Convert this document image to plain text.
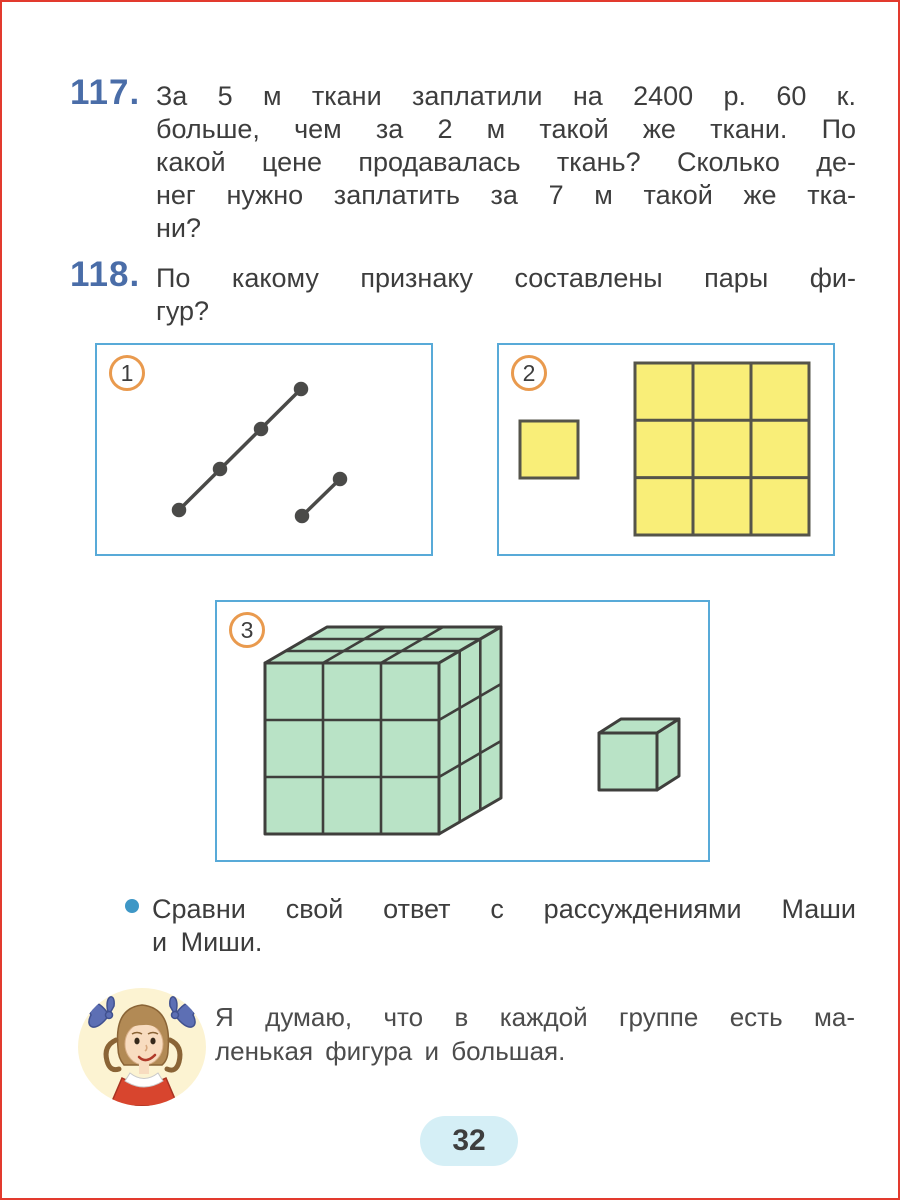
117. За 5 м ткани заплатили на 2400 р. 60 к.
больше, чем за 2 м такой же ткани. По
какой цене продавалась ткань? Сколько де-
нег нужно заплатить за 7 м такой же тка-
ни?
118. По какому признаку составлены пары фи-
гур?
1	2
3
Сравни свой ответ с рассуждениями Маши
и Миши.
Я думаю, что в каждой группе есть ма-
ленькая фигура и большая.
32
